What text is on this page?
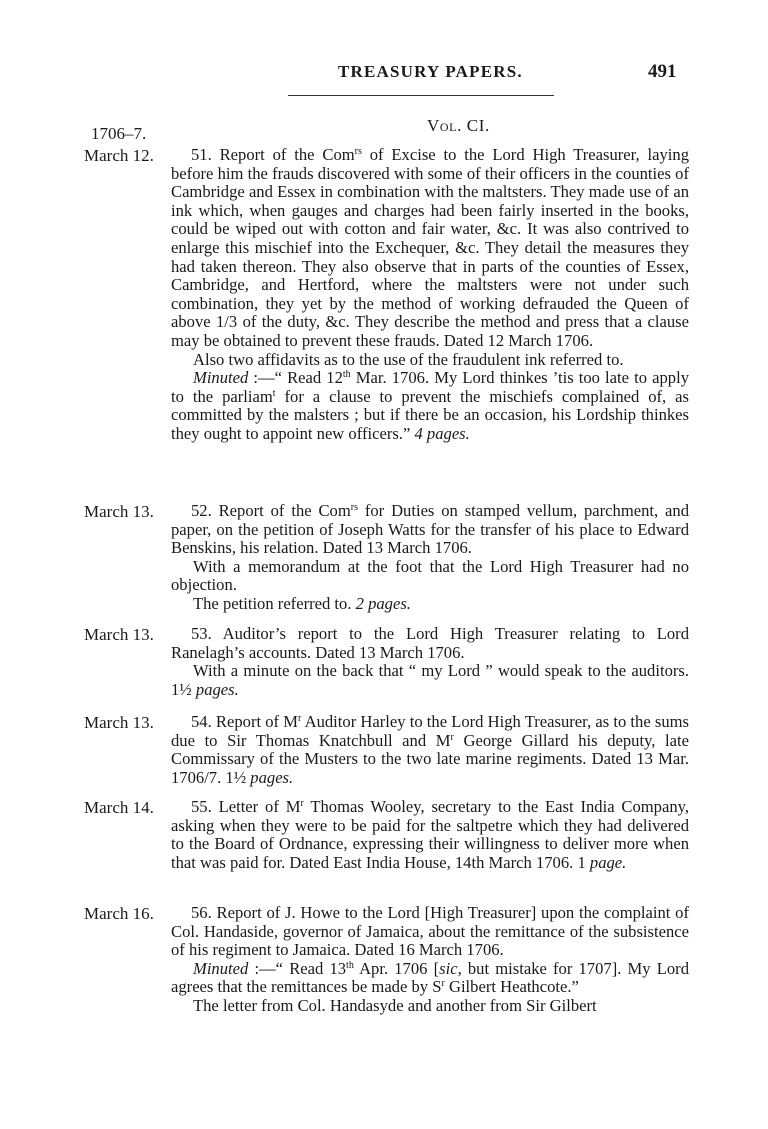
TREASURY PAPERS.	491
Vol. CI.
1706–7.
March 12.	51. Report of the Com$^{rs}$ of Excise to the Lord High Treasurer, laying before him the frauds discovered with some of their officers in the counties of Cambridge and Essex in combination with the maltsters. They made use of an ink which, when gauges and charges had been fairly inserted in the books, could be wiped out with cotton and fair water, &c. It was also contrived to enlarge this mischief into the Exchequer, &c. They detail the measures they had taken thereon. They also observe that in parts of the counties of Essex, Cambridge, and Hertford, where the maltsters were not under such combination, they yet by the method of working defrauded the Queen of above 1/3 of the duty, &c. They describe the method and press that a clause may be obtained to prevent these frauds. Dated 12 March 1706.

Also two affidavits as to the use of the fraudulent ink referred to.

Minuted :—“ Read 12th Mar. 1706. My Lord thinkes ’tis too late to apply to the parliam$^t$ for a clause to prevent the mischiefs complained of, as committed by the malsters ; but if there be an occasion, his Lordship thinkes they ought to appoint new officers.” 4 pages.

March 13.	52. Report of the Com$^{rs}$ for Duties on stamped vellum, parchment, and paper, on the petition of Joseph Watts for the transfer of his place to Edward Benskins, his relation. Dated 13 March 1706.

With a memorandum at the foot that the Lord High Treasurer had no objection.

The petition referred to. 2 pages.

March 13.	53. Auditor’s report to the Lord High Treasurer relating to Lord Ranelagh’s accounts. Dated 13 March 1706.

With a minute on the back that “ my Lord ” would speak to the auditors. 1½ pages.

March 13.	54. Report of $M^r$ Auditor Harley to the Lord High Treasurer, as to the sums due to Sir Thomas Knatchbull and $M^r$ George Gillard his deputy, late Commissary of the Musters to the two late marine regiments. Dated 13 Mar. 1706/7. 1½ pages.

March 14.	55. Letter of $M^r$ Thomas Wooley, secretary to the East India Company, asking when they were to be paid for the saltpetre which they had delivered to the Board of Ordnance, expressing their willingness to deliver more when that was paid for. Dated East India House, 14th March 1706. 1 page.

March 16.	56. Report of J. Howe to the Lord [High Treasurer] upon the complaint of Col. Handaside, governor of Jamaica, about the remittance of the subsistence of his regiment to Jamaica. Dated 16 March 1706.

Minuted :—“ Read 13th Apr. 1706 [sic, but mistake for 1707]. My Lord agrees that the remittances be made by $S^r$ Gilbert Heathcote.”

The letter from Col. Handasyde and another from Sir Gilbert
